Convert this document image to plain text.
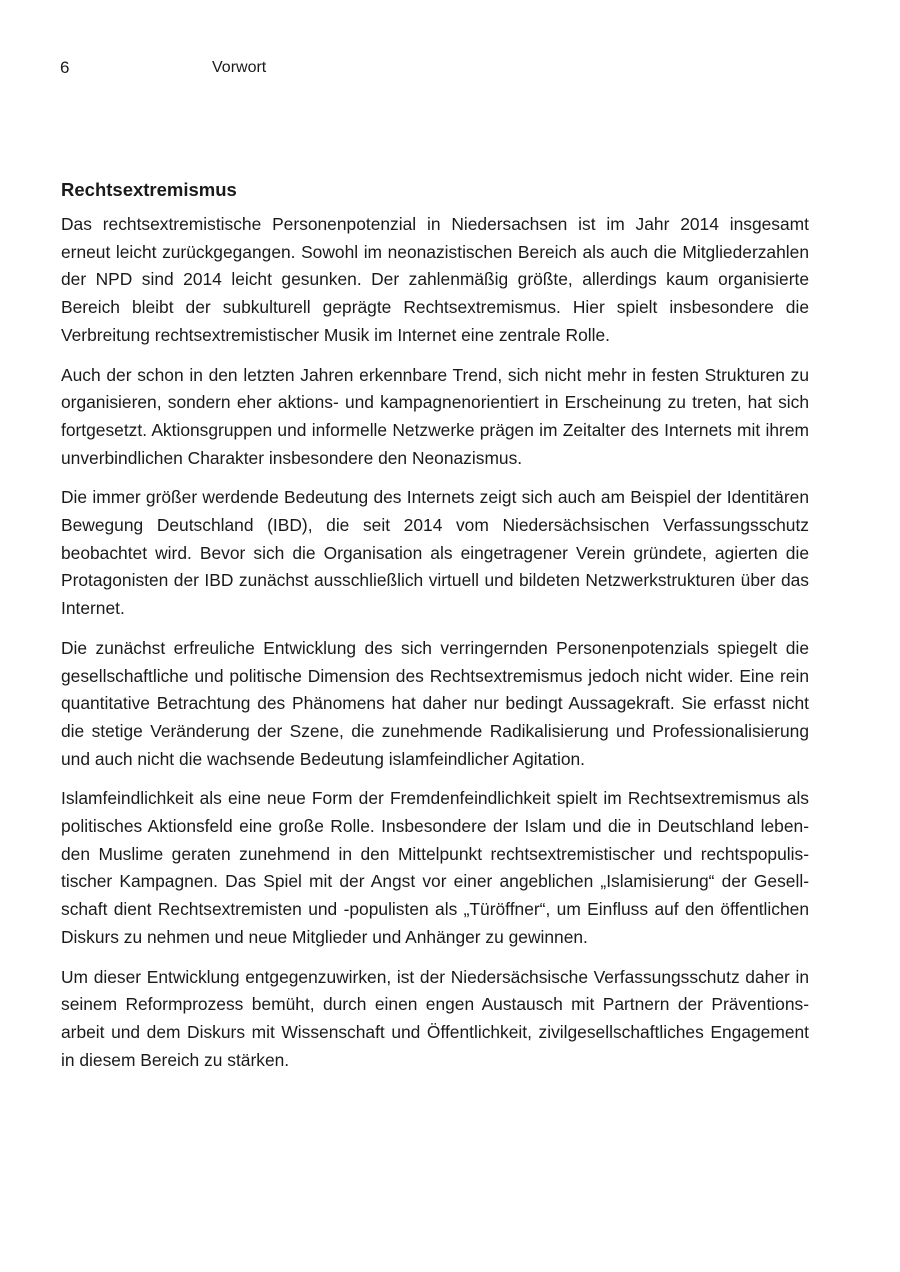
6	Vorwort
Rechtsextremismus

Das rechtsextremistische Personenpotenzial in Niedersachsen ist im Jahr 2014 insgesamt erneut leicht zurückgegangen. Sowohl im neonazistischen Bereich als auch die Mitgliederzahlen der NPD sind 2014 leicht gesunken. Der zahlenmäßig größte, allerdings kaum organisierte Bereich bleibt der subkulturell geprägte Rechtsextremismus. Hier spielt insbesondere die Verbreitung rechtsextremistischer Musik im Internet eine zentrale Rolle.

Auch der schon in den letzten Jahren erkennbare Trend, sich nicht mehr in festen Strukturen zu organisieren, sondern eher aktions- und kampagnenorientiert in Erscheinung zu treten, hat sich fortgesetzt. Aktionsgruppen und informelle Netzwerke prägen im Zeitalter des Internets mit ihrem unverbindlichen Charakter insbesondere den Neonazismus.

Die immer größer werdende Bedeutung des Internets zeigt sich auch am Beispiel der Identitären Bewegung Deutschland (IBD), die seit 2014 vom Niedersächsischen Verfassungsschutz beobachtet wird. Bevor sich die Organisation als eingetragener Verein gründete, agierten die Protagonisten der IBD zunächst ausschließlich virtuell und bildeten Netzwerkstrukturen über das Internet.

Die zunächst erfreuliche Entwicklung des sich verringernden Personenpotenzials spiegelt die gesellschaftliche und politische Dimension des Rechtsextremismus jedoch nicht wider. Eine rein quantitative Betrachtung des Phänomens hat daher nur bedingt Aussagekraft. Sie erfasst nicht die stetige Veränderung der Szene, die zunehmende Radikalisierung und Professionalisierung und auch nicht die wachsende Bedeutung islamfeindlicher Agitation.

Islamfeindlichkeit als eine neue Form der Fremdenfeindlichkeit spielt im Rechtsextremismus als politisches Aktionsfeld eine große Rolle. Insbesondere der Islam und die in Deutschland lebenden Muslime geraten zunehmend in den Mittelpunkt rechtsextremistischer und rechtspopulistischer Kampagnen. Das Spiel mit der Angst vor einer angeblichen „Islamisierung“ der Gesellschaft dient Rechtsextremisten und -populisten als „Türöffner“, um Einfluss auf den öffentlichen Diskurs zu nehmen und neue Mitglieder und Anhänger zu gewinnen.

Um dieser Entwicklung entgegenzuwirken, ist der Niedersächsische Verfassungsschutz daher in seinem Reformprozess bemüht, durch einen engen Austausch mit Partnern der Präventionsarbeit und dem Diskurs mit Wissenschaft und Öffentlichkeit, zivilgesellschaftliches Engagement in diesem Bereich zu stärken.
